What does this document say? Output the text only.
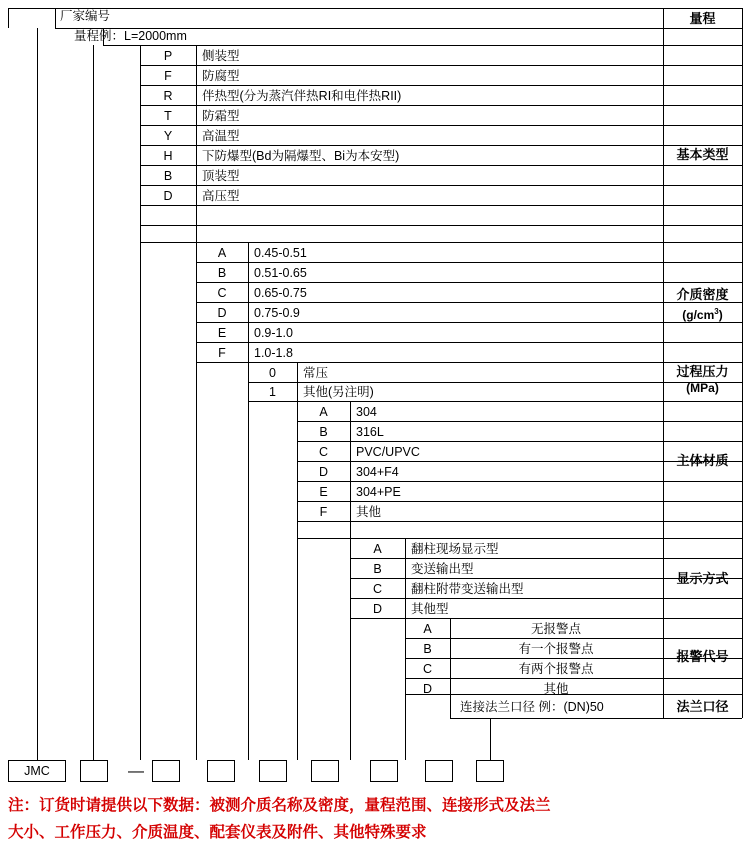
厂家编号
量程例：L=2000mm
量程
基本类型
介质密度
$(g/cm^3)$
过程压力
(MPa)
主体材质
显示方式
报警代号
法兰口径
P	侧装型
F	防腐型
R	伴热型(分为蒸汽伴热RI和电伴热RII)
T	防霜型
Y	高温型
H	下防爆型(Bd为隔爆型、Bi为本安型)
B	顶装型
D	高压型
A	0.45-0.51
B	0.51-0.65
C	0.65-0.75
D	0.75-0.9
E	0.9-1.0
F	1.0-1.8
0	常压
1	其他(另注明)
A	304
B	316L
C	PVC/UPVC
D	304+F4
E	304+PE
F	其他
A	翻柱现场显示型
B	变送输出型
C	翻柱附带变送输出型
D	其他型
A	无报警点
B	有一个报警点
C	有两个报警点
D	其他
连接法兰口径 例：(DN)50
JMC	—
注：订货时请提供以下数据：被测介质名称及密度，量程范围、连接形式及法兰
大小、工作压力、介质温度、配套仪表及附件、其他特殊要求
